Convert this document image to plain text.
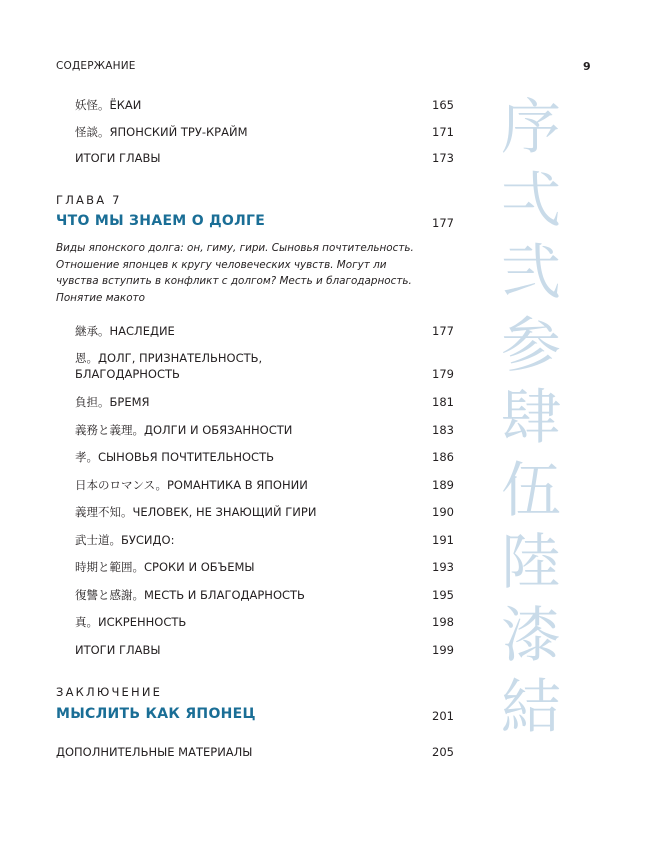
СОДЕРЖАНИЕ	9
妖怪。ЁКАИ	165
怪談。ЯПОНСКИЙ ТРУ-КРАЙМ	171
ИТОГИ ГЛАВЫ	173
ГЛАВА 7
ЧТО МЫ ЗНАЕМ О ДОЛГЕ	177
Виды японского долга: он, гиму, гири. Сыновья почтительность.
Отношение японцев к кругу человеческих чувств. Могут ли
чувства вступить в конфликт с долгом? Месть и благодарность.
Понятие макото
継承。НАСЛЕДИЕ	177
恩。ДОЛГ, ПРИЗНАТЕЛЬНОСТЬ,
БЛАГОДАРНОСТЬ	179
負担。БРЕМЯ	181
義務と義理。ДОЛГИ И ОБЯЗАННОСТИ	183
孝。СЫНОВЬЯ ПОЧТИТЕЛЬНОСТЬ	186
日本のロマンス。РОМАНТИКА В ЯПОНИИ	189
義理不知。ЧЕЛОВЕК, НЕ ЗНАЮЩИЙ ГИРИ	190
武士道。БУСИДО:	191
時期と範囲。СРОКИ И ОБЪЕМЫ	193
復讐と感謝。МЕСТЬ И БЛАГОДАРНОСТЬ	195
真。ИСКРЕННОСТЬ	198
ИТОГИ ГЛАВЫ	199
ЗАКЛЮЧЕНИЕ
МЫСЛИТЬ КАК ЯПОНЕЦ	201
ДОПОЛНИТЕЛЬНЫЕ МАТЕРИАЛЫ	205
序
弌
弐
参
肆
伍
陸
漆
結
